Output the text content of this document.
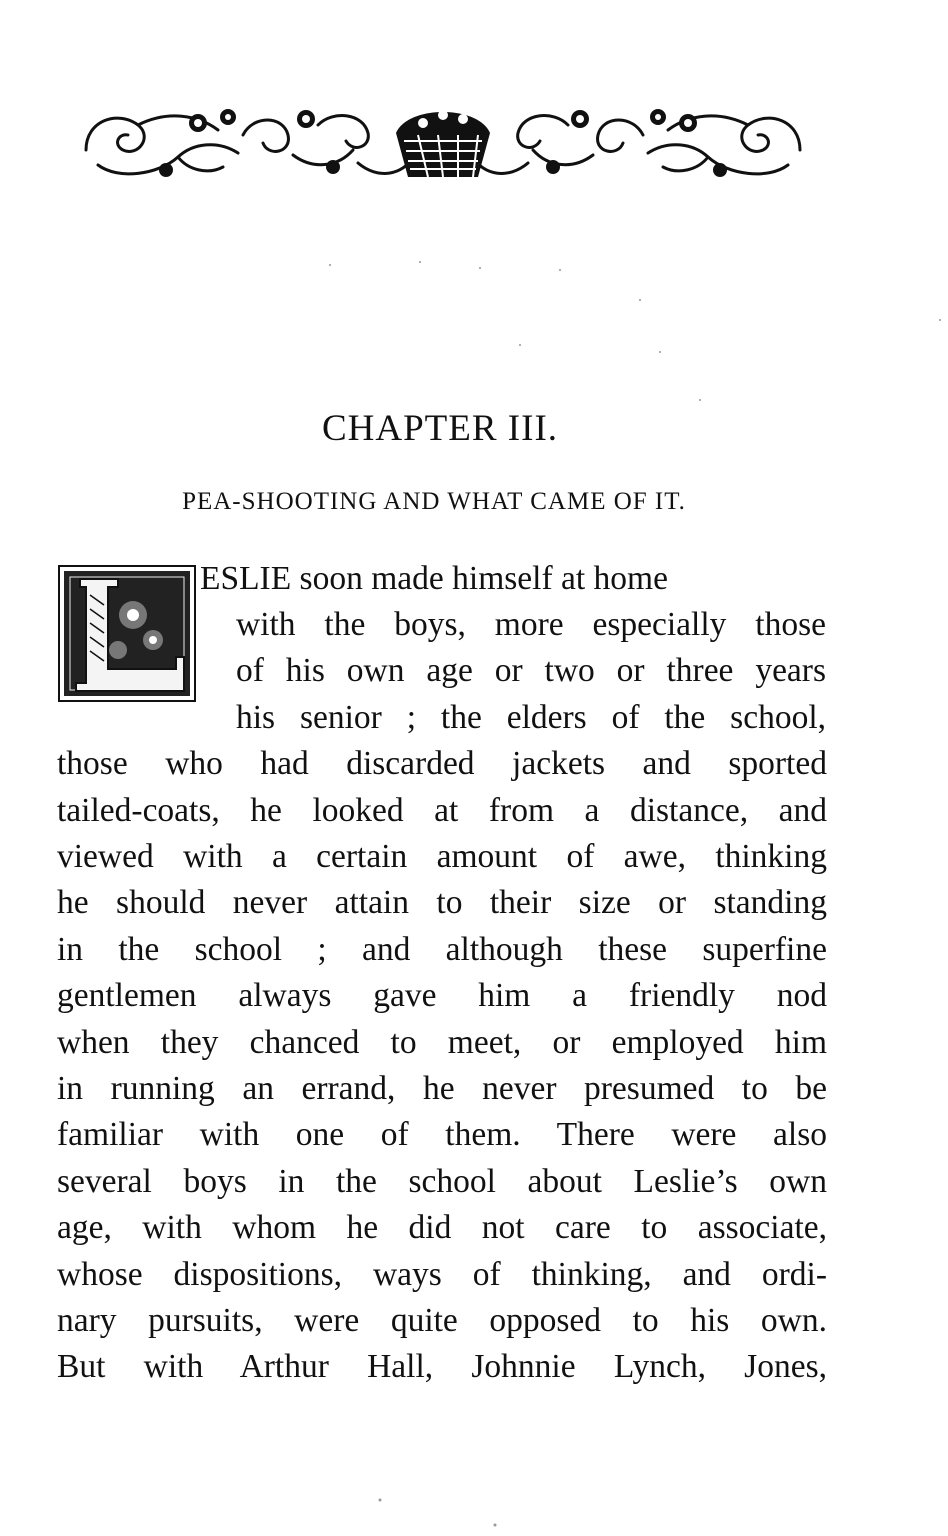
CHAPTER III.
PEA-SHOOTING AND WHAT CAME OF IT.
L	ESLIE soon made himself at home
with the boys, more especially those
of his own age or two or three years
his senior ; the elders of the school,
those who had discarded jackets and sported
tailed-coats, he looked at from a distance, and
viewed with a certain amount of awe, thinking
he should never attain to their size or standing
in the school ; and although these superfine
gentlemen always gave him a friendly nod
when they chanced to meet, or employed him
in running an errand, he never presumed to be
familiar with one of them. There were also
several boys in the school about Leslie’s own
age, with whom he did not care to associate,
whose dispositions, ways of thinking, and ordi-
nary pursuits, were quite opposed to his own.
But with Arthur Hall, Johnnie Lynch, Jones,
